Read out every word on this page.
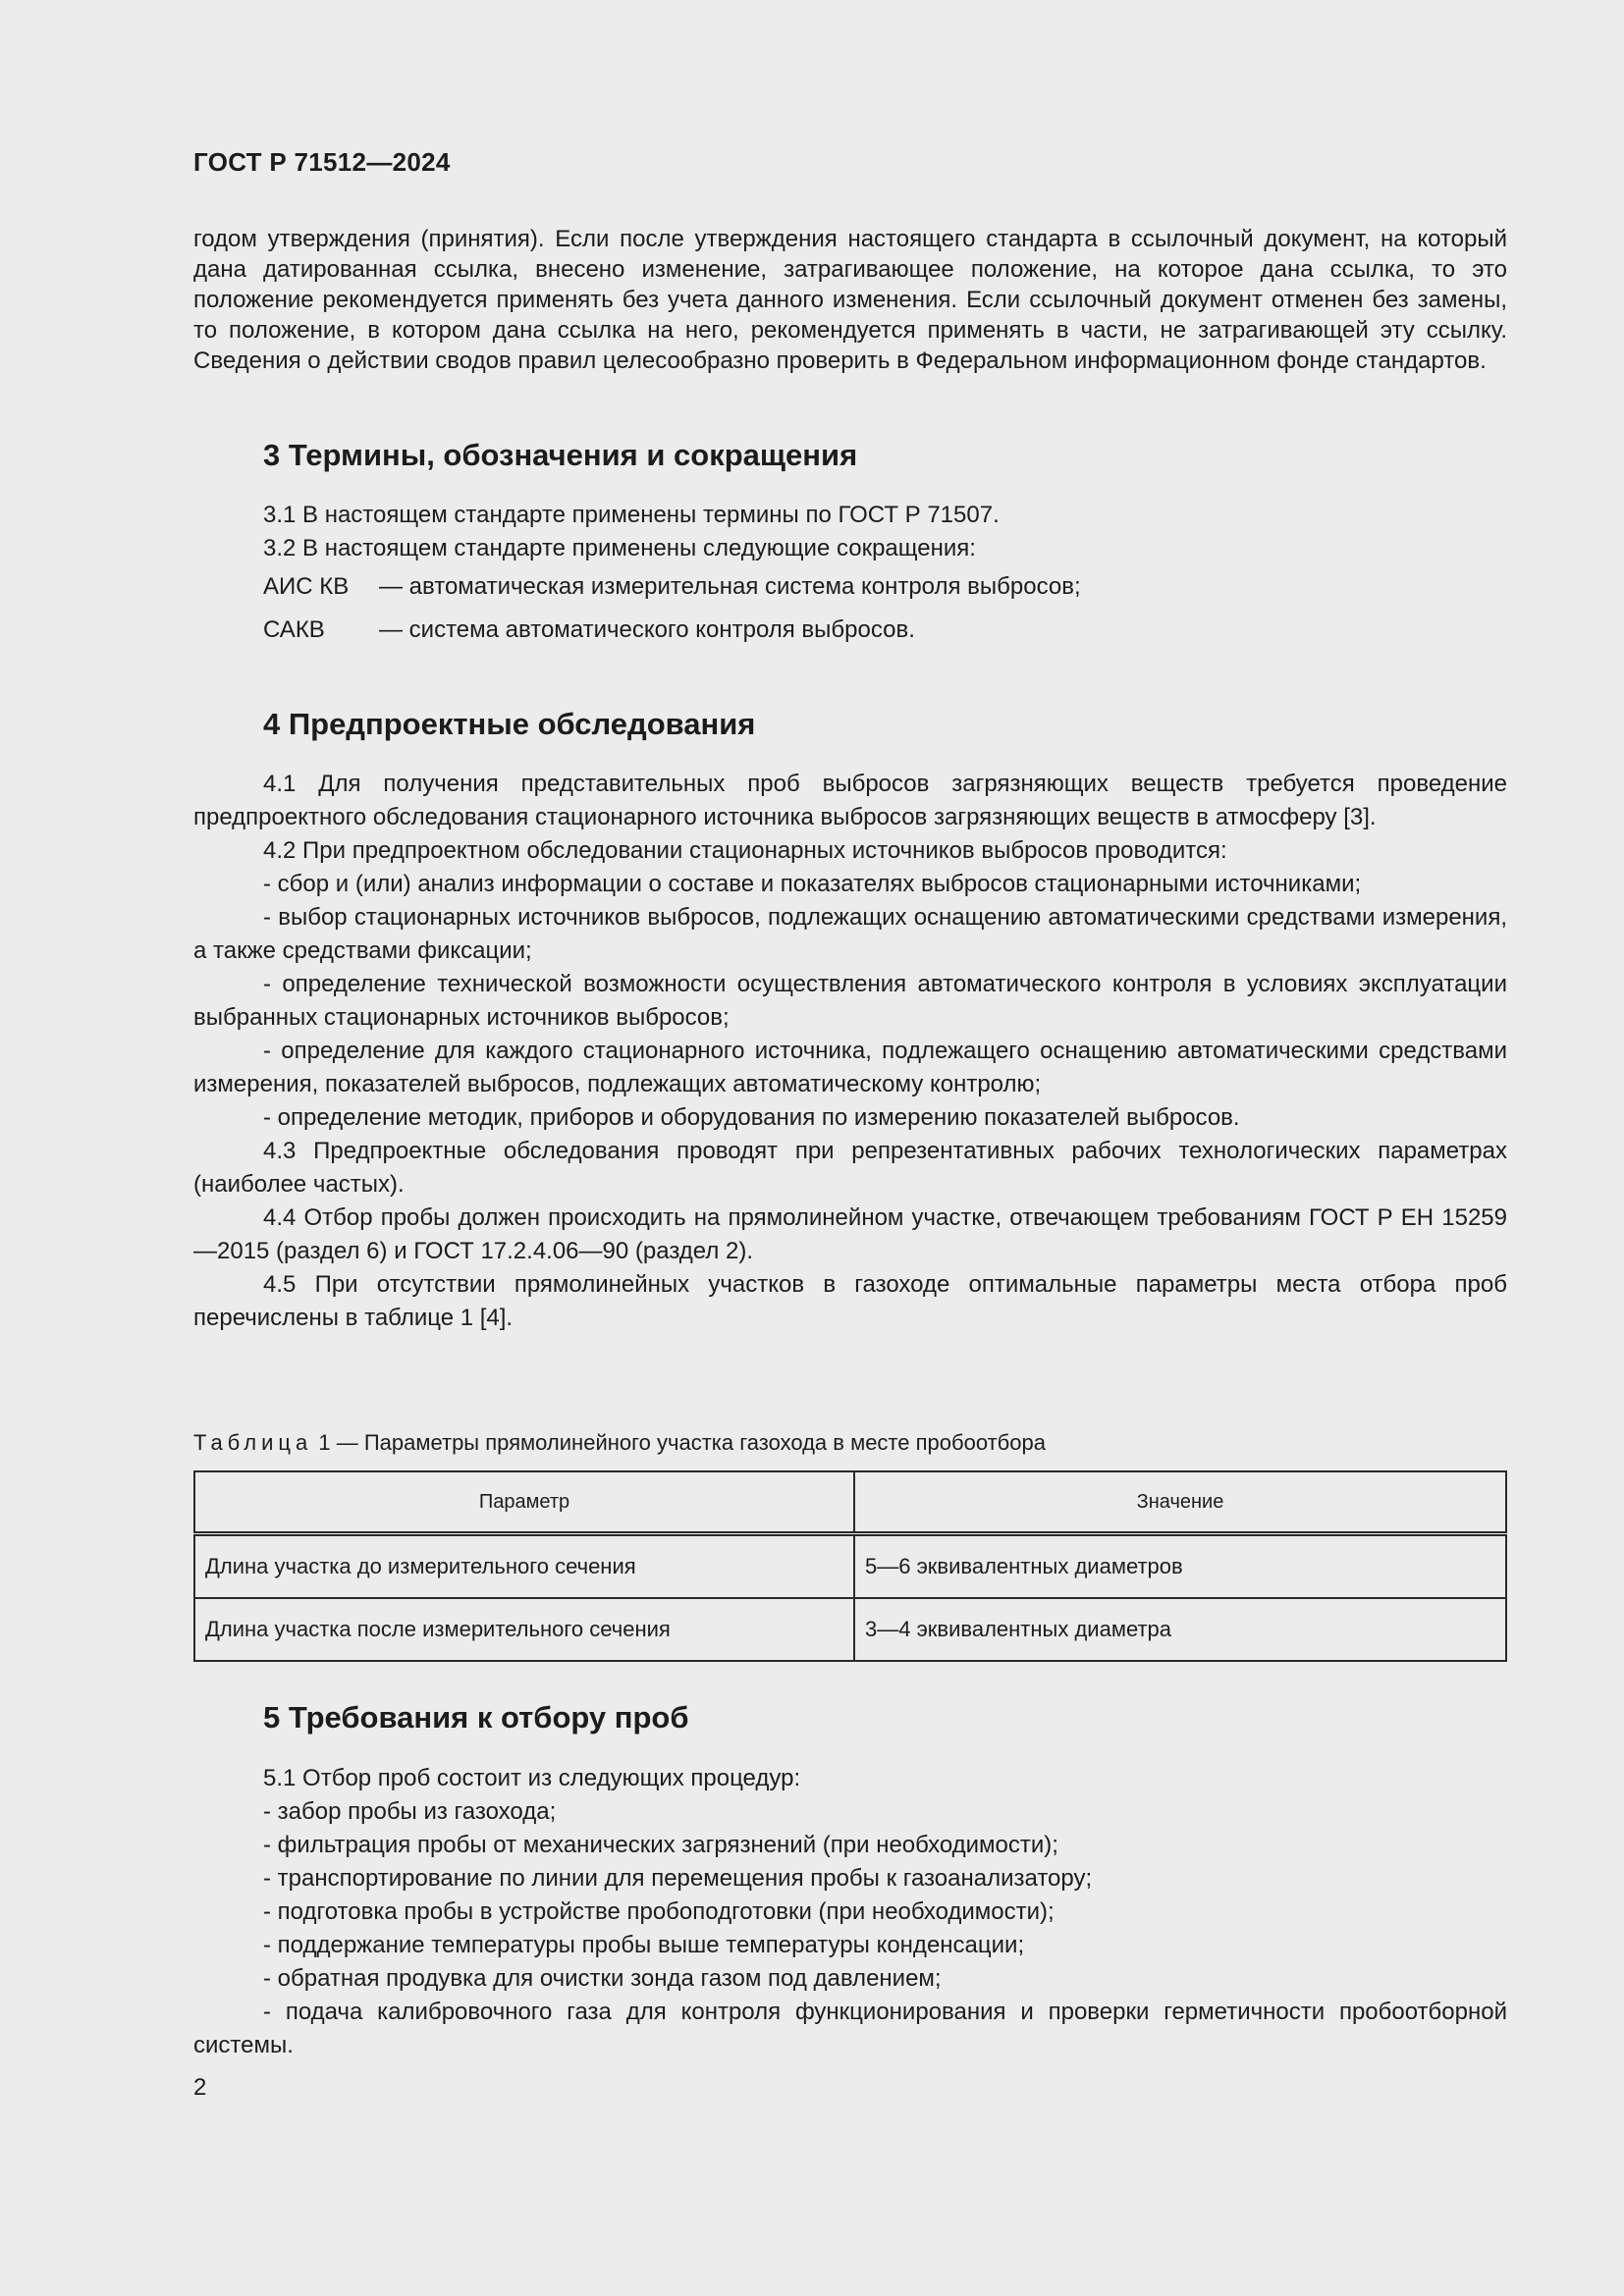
ГОСТ Р 71512—2024

годом утверждения (принятия). Если после утверждения настоящего стандарта в ссылочный документ, на который дана датированная ссылка, внесено изменение, затрагивающее положение, на которое дана ссылка, то это положение рекомендуется применять без учета данного изменения. Если ссылочный документ отменен без замены, то положение, в котором дана ссылка на него, рекомендуется применять в части, не затрагивающей эту ссылку. Сведения о действии сводов правил целесообразно проверить в Федеральном информационном фонде стандартов.

3 Термины, обозначения и сокращения
3.1 В настоящем стандарте применены термины по ГОСТ Р 71507.
3.2 В настоящем стандарте применены следующие сокращения:
АИС КВ	— автоматическая измерительная система контроля выбросов;
САКВ	— система автоматического контроля выбросов.
4 Предпроектные обследования

4.1 Для получения представительных проб выбросов загрязняющих веществ требуется проведение предпроектного обследования стационарного источника выбросов загрязняющих веществ в атмосферу [3].

4.2 При предпроектном обследовании стационарных источников выбросов проводится:

- сбор и (или) анализ информации о составе и показателях выбросов стационарными источниками;

- выбор стационарных источников выбросов, подлежащих оснащению автоматическими средствами измерения, а также средствами фиксации;

- определение технической возможности осуществления автоматического контроля в условиях эксплуатации выбранных стационарных источников выбросов;

- определение для каждого стационарного источника, подлежащего оснащению автоматическими средствами измерения, показателей выбросов, подлежащих автоматическому контролю;

- определение методик, приборов и оборудования по измерению показателей выбросов.

4.3 Предпроектные обследования проводят при репрезентативных рабочих технологических параметрах (наиболее частых).

4.4 Отбор пробы должен происходить на прямолинейном участке, отвечающем требованиям ГОСТ Р ЕН 15259—2015 (раздел 6) и ГОСТ 17.2.4.06—90 (раздел 2).

4.5 При отсутствии прямолинейных участков в газоходе оптимальные параметры места отбора проб перечислены в таблице 1 [4].

Таблица 1 — Параметры прямолинейного участка газохода в месте пробоотбора
Параметр	Значение
Длина участка до измерительного сечения	5—6 эквивалентных диаметров
Длина участка после измерительного сечения	3—4 эквивалентных диаметра
5 Требования к отбору проб
5.1 Отбор проб состоит из следующих процедур:
- забор пробы из газохода;
- фильтрация пробы от механических загрязнений (при необходимости);
- транспортирование по линии для перемещения пробы к газоанализатору;
- подготовка пробы в устройстве пробоподготовки (при необходимости);
- поддержание температуры пробы выше температуры конденсации;
- обратная продувка для очистки зонда газом под давлением;

- подача калибровочного газа для контроля функционирования и проверки герметичности пробоотборной системы.

2
